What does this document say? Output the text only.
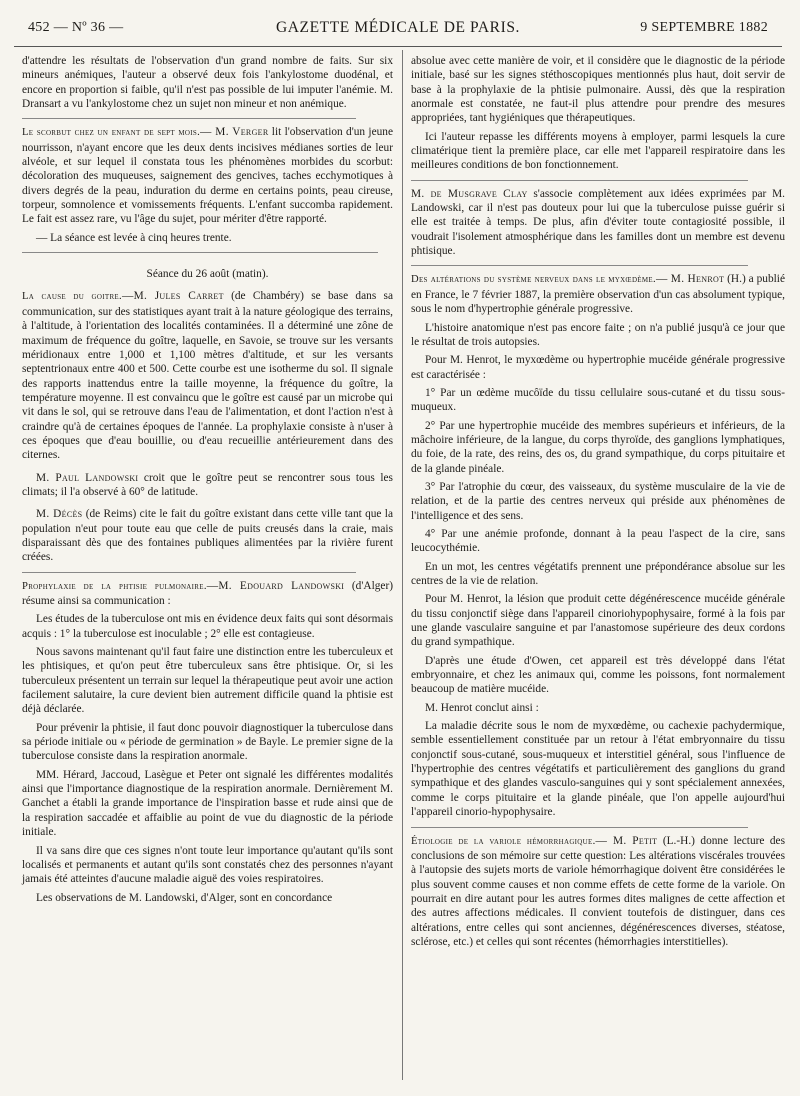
452 — Nº 36 —	GAZETTE MÉDICALE DE PARIS.	9 SEPTEMBRE 1882

d'attendre les résultats de l'observation d'un grand nombre de faits. Sur six mineurs anémiques, l'auteur a observé deux fois l'ankylostome duodénal, et encore en proportion si faible, qu'il n'est pas possible de lui imputer l'anémie. M. Dransart a vu l'ankylostome chez un sujet non mineur et non anémique.

Le scorbut chez un enfant de sept mois.— M. Verger lit l'observation d'un jeune nourrisson, n'ayant encore que les deux dents incisives médianes sorties de leur alvéole, et sur lequel il constata tous les phénomènes morbides du scorbut: décoloration des muqueuses, saignement des gencives, taches ecchymotiques à divers degrés de la peau, induration du derme en certains points, peau cireuse, torpeur, somnolence et vomissements fréquents. L'enfant succomba rapidement. Le fait est assez rare, vu l'âge du sujet, pour mériter d'être rapporté.

— La séance est levée à cinq heures trente.

Séance du 26 août (matin).

La cause du goitre.—M. Jules Carret (de Chambéry) se base dans sa communication, sur des statistiques ayant trait à la nature géologique des terrains, à l'altitude, à l'orientation des localités contaminées. Il a déterminé une zône de maximum de fréquence du goître, laquelle, en Savoie, se trouve sur les versants méridionaux entre 1,000 et 1,100 mètres d'altitude, et sur les versants septentrionaux entre 400 et 500. Cette courbe est une isotherme du sol. Il signale des rapports inattendus entre la taille moyenne, la fréquence du goître, la température moyenne. Il est convaincu que le goître est causé par un microbe qui vit dans le sol, qui se retrouve dans l'eau de l'alimentation, et dont l'action n'est à craindre qu'à de certaines époques de l'année. La prophylaxie consiste à n'user à ces époques que d'eau bouillie, ou d'eau recueillie antérieurement dans des citernes.

M. Paul Landowski croit que le goître peut se rencontrer sous tous les climats; il l'a observé à 60° de latitude.

M. Décès (de Reims) cite le fait du goître existant dans cette ville tant que la population n'eut pour toute eau que celle de puits creusés dans la craie, mais disparaissant dès que des fontaines publiques alimentées par la rivière furent créées.

Prophylaxie de la phtisie pulmonaire.—M. Edouard Landowski (d'Alger) résume ainsi sa communication :

Les études de la tuberculose ont mis en évidence deux faits qui sont désormais acquis : 1° la tuberculose est inoculable ; 2° elle est contagieuse.

Nous savons maintenant qu'il faut faire une distinction entre les tuberculeux et les phtisiques, et qu'on peut être tuberculeux sans être phtisique. Or, si les tuberculeux présentent un terrain sur lequel la thérapeutique peut avoir une action facilement salutaire, la cure devient bien autrement difficile quand la phtisie est déjà déclarée.

Pour prévenir la phtisie, il faut donc pouvoir diagnostiquer la tuberculose dans sa période initiale ou « période de germination » de Bayle. Le premier signe de la tuberculose consiste dans la respiration anormale.

MM. Hérard, Jaccoud, Lasègue et Peter ont signalé les différentes modalités ainsi que l'importance diagnostique de la respiration anormale. Dernièrement M. Ganchet a établi la grande importance de l'inspiration basse et rude ainsi que de la respiration saccadée et affaiblie au point de vue du diagnostic de la période initiale.

Il va sans dire que ces signes n'ont toute leur importance qu'autant qu'ils sont localisés et permanents et autant qu'ils sont constatés chez des personnes n'ayant jamais été atteintes d'aucune maladie aiguë des voies respiratoires.

Les observations de M. Landowski, d'Alger, sont en concordance

absolue avec cette manière de voir, et il considère que le diagnostic de la période initiale, basé sur les signes stéthoscopiques mentionnés plus haut, doit servir de base à la prophylaxie de la phtisie pulmonaire. Aussi, dès que la respiration anormale est constatée, ne faut-il plus attendre pour prendre des mesures appropriées, tant hygiéniques que thérapeutiques.

Ici l'auteur repasse les différents moyens à employer, parmi lesquels la cure climatérique tient la première place, car elle met l'appareil respiratoire dans les meilleures conditions de bon fonctionnement.

M. de Musgrave Clay s'associe complètement aux idées exprimées par M. Landowski, car il n'est pas douteux pour lui que la tuberculose puisse guérir si elle est traitée à temps. De plus, afin d'éviter toute contagiosité possible, il voudrait l'isolement atmosphérique dans les familles dont un membre est devenu phtisique.

Des altérations du système nerveux dans le myxœdème.— M. Henrot (H.) a publié en France, le 7 février 1887, la première observation d'un cas absolument typique, sous le nom d'hypertrophie générale progressive.

L'histoire anatomique n'est pas encore faite ; on n'a publié jusqu'à ce jour que le résultat de trois autopsies.

Pour M. Henrot, le myxœdème ou hypertrophie mucéide générale progressive est caractérisée :

1° Par un œdème mucôïde du tissu cellulaire sous-cutané et du tissu sous-muqueux.

2° Par une hypertrophie mucéide des membres supérieurs et inférieurs, de la mâchoire inférieure, de la langue, du corps thyroïde, des ganglions lymphatiques, du foie, de la rate, des reins, des os, du grand sympathique, du corps pituitaire et de la glande pinéale.

3° Par l'atrophie du cœur, des vaisseaux, du système musculaire de la vie de relation, et de la partie des centres nerveux qui préside aux phénomènes de l'intelligence et des sens.

4° Par une anémie profonde, donnant à la peau l'aspect de la cire, sans leucocythémie.

En un mot, les centres végétatifs prennent une prépondérance absolue sur les centres de la vie de relation.

Pour M. Henrot, la lésion que produit cette dégénérescence mucéide générale du tissu conjonctif siège dans l'appareil cinoriohypophysaire, formé à la fois par une glande vasculaire sanguine et par l'anastomose supérieure des deux cordons du grand sympathique.

D'après une étude d'Owen, cet appareil est très développé dans l'état embryonnaire, et chez les animaux qui, comme les poissons, font normalement beaucoup de matière mucéide.

M. Henrot conclut ainsi :

La maladie décrite sous le nom de myxœdème, ou cachexie pachydermique, semble essentiellement constituée par un retour à l'état embryonnaire du tissu conjonctif sous-cutané, sous-muqueux et interstitiel général, sous l'influence de l'hypertrophie des centres végétatifs et particulièrement des ganglions du grand sympathique et des glandes vasculo-sanguines qui y sont spécialement annexées, comme le corps pituitaire et la glande pinéale, que l'on appelle aujourd'hui l'appareil cinorio-hypophysaire.

Étiologie de la variole hémorrhagique.— M. Petit (L.-H.) donne lecture des conclusions de son mémoire sur cette question: Les altérations viscérales trouvées à l'autopsie des sujets morts de variole hémorrhagique doivent être considérées le plus souvent comme causes et non comme effets de cette forme de la variole. On pourrait en dire autant pour les autres formes dites malignes de cette affection et des autres affections médicales. Il convient toutefois de distinguer, dans ces altérations, entre celles qui sont anciennes, dégénérescences diverses, stéatose, sclérose, etc.) et celles qui sont récentes (hémorrhagies interstitielles).
